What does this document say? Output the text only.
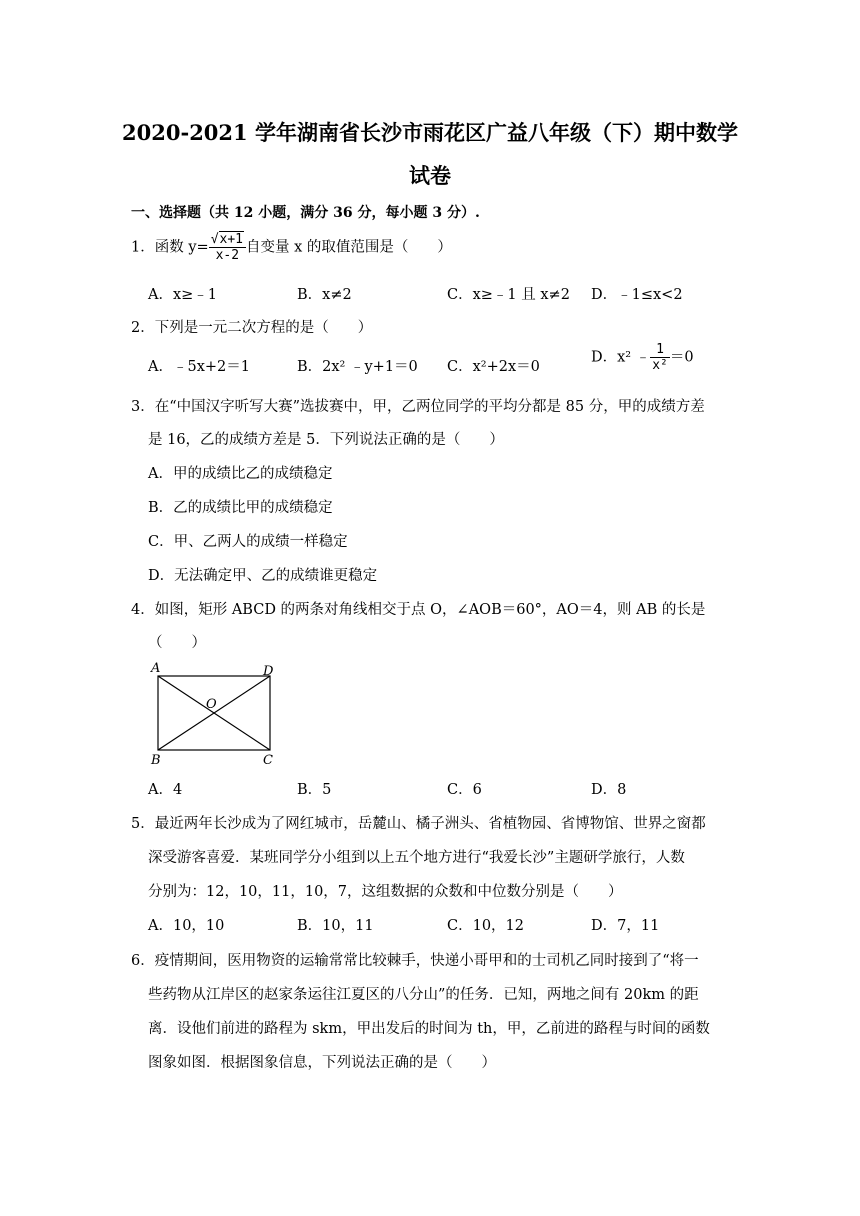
2020-2021 学年湖南省长沙市雨花区广益八年级（下）期中数学
试卷
一、选择题（共 12 小题，满分 36 分，每小题 3 分）.
1．函数 $y= \frac{√x+1}{x-2}$ 自变量 x 的取值范围是（　　）
A．x≥﹣1	B．x≠2	C．x≥﹣1 且 x≠2 D．﹣1≤x<2
2．下列是一元二次方程的是（　　）
A．﹣5x+2＝1	B．2x² ﹣y+1＝0 C．x²+2x＝0
D．x² ﹣ $\frac{1}{\text{x²}} =0$
3．在“中国汉字听写大赛”选拔赛中，甲，乙两位同学的平均分都是 85 分，甲的成绩方差
是 16，乙的成绩方差是 5．下列说法正确的是（　　）
A．甲的成绩比乙的成绩稳定
B．乙的成绩比甲的成绩稳定
C．甲、乙两人的成绩一样稳定
D．无法确定甲、乙的成绩谁更稳定
4．如图，矩形 ABCD 的两条对角线相交于点 O，∠AOB＝60°，AO＝4，则 AB 的长是
（　　）
A	D
B	C
O
A．4	B．5	C．6	D．8
5．最近两年长沙成为了网红城市，岳麓山、橘子洲头、省植物园、省博物馆、世界之窗都
深受游客喜爱．某班同学分小组到以上五个地方进行“我爱长沙”主题研学旅行，人数
分别为：12，10，11，10，7，这组数据的众数和中位数分别是（　　）
A．10，10	B．10，11	C．10，12	D．7，11
6．疫情期间，医用物资的运输常常比较棘手，快递小哥甲和的士司机乙同时接到了“将一
些药物从江岸区的赵家条运往江夏区的八分山”的任务．已知，两地之间有 20km 的距
离．设他们前进的路程为 skm，甲出发后的时间为 th，甲，乙前进的路程与时间的函数
图象如图．根据图象信息，下列说法正确的是（　　）
